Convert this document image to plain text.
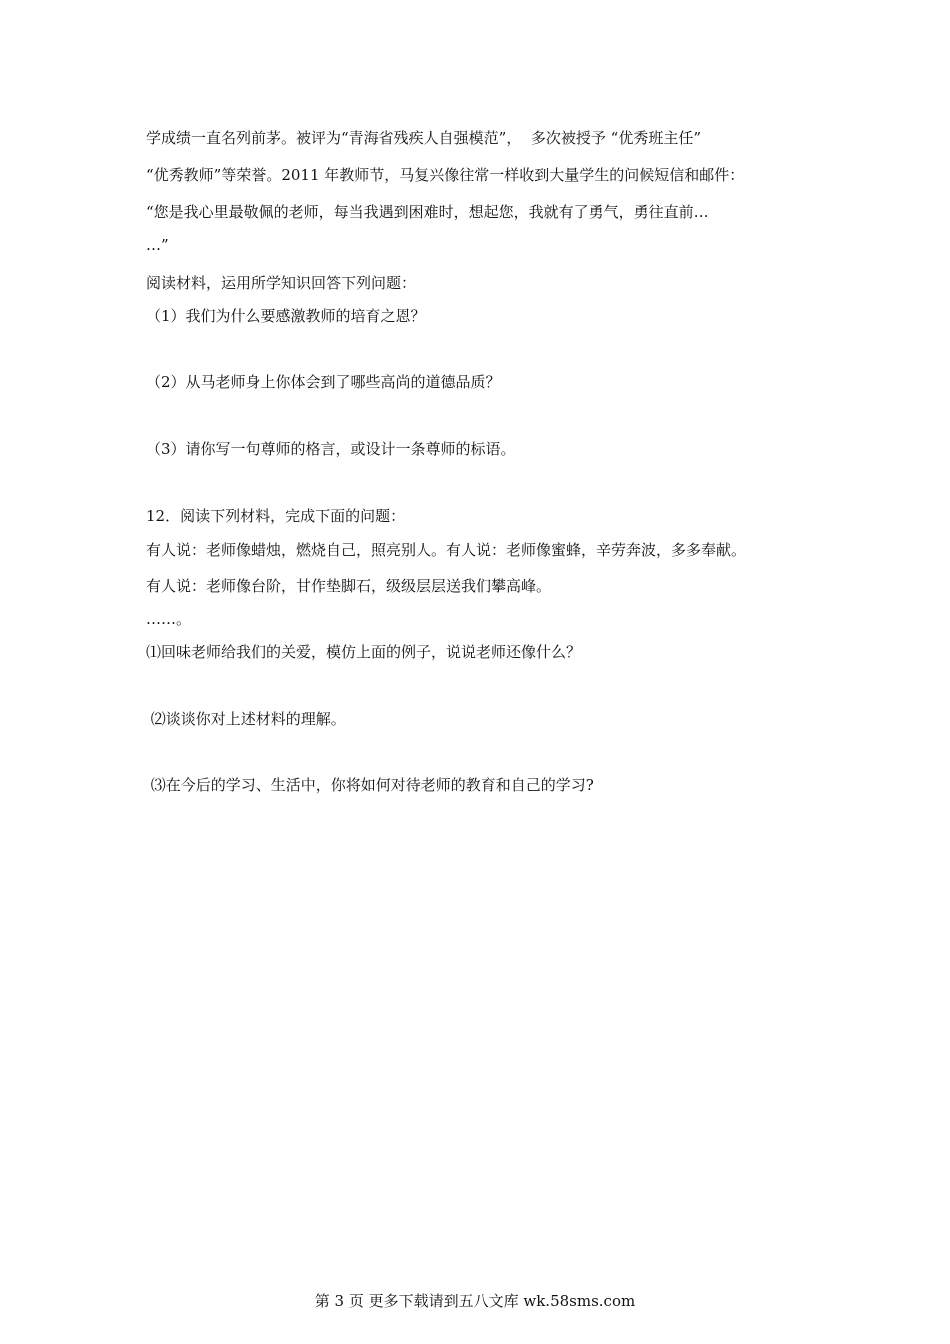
学成绩一直名列前茅。被评为“青海省残疾人自强模范”，  多次被授予 “优秀班主任”
“优秀教师”等荣誉。2011 年教师节，马复兴像往常一样收到大量学生的问候短信和邮件：
“您是我心里最敬佩的老师，每当我遇到困难时，想起您，我就有了勇气，勇往直前…
…”
阅读材料，运用所学知识回答下列问题：
（1）我们为什么要感激教师的培育之恩？
（2）从马老师身上你体会到了哪些高尚的道德品质？
（3）请你写一句尊师的格言，或设计一条尊师的标语。
12．阅读下列材料，完成下面的问题：
有人说：老师像蜡烛，燃烧自己，照亮别人。有人说：老师像蜜蜂，辛劳奔波，多多奉献。
有人说：老师像台阶，甘作垫脚石，级级层层送我们攀高峰。
……。
⑴回味老师给我们的关爱，模仿上面的例子，说说老师还像什么？
⑵谈谈你对上述材料的理解。
⑶在今后的学习、生活中，你将如何对待老师的教育和自己的学习?
第 3 页 更多下载请到五八文库 wk.58sms.com
